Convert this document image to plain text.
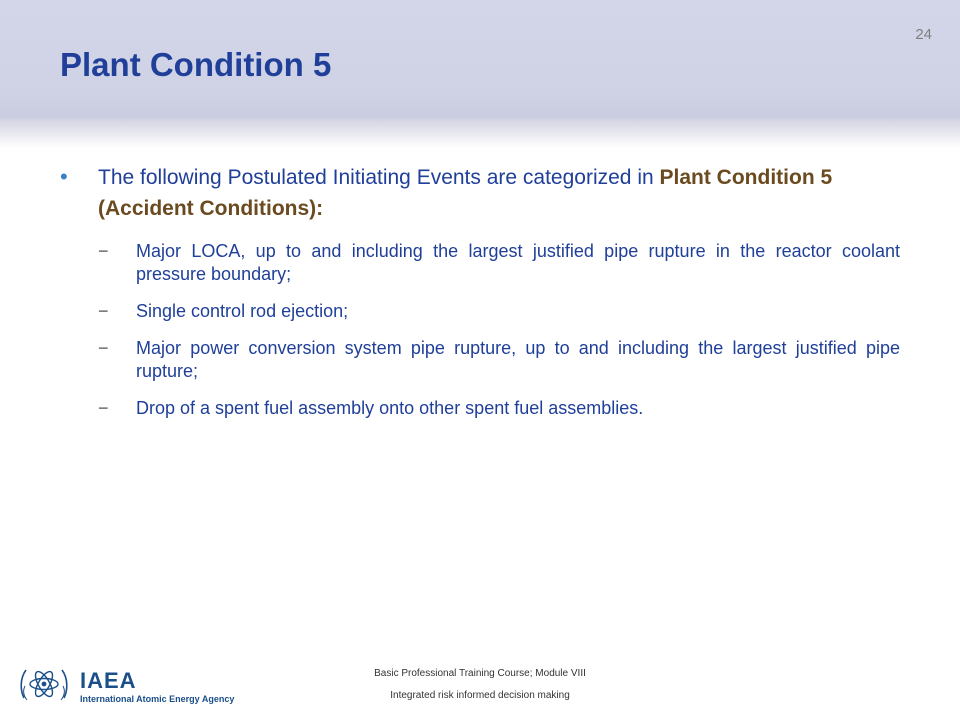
24
Plant Condition 5
•	The following Postulated Initiating Events are categorized in Plant Condition 5 (Accident Conditions):
−	Major LOCA, up to and including the largest justified pipe rupture in the reactor coolant pressure boundary;
−	Single control rod ejection;
−	Major power conversion system pipe rupture, up to and including the largest justified pipe rupture;
−	Drop of a spent fuel assembly onto other spent fuel assemblies.
IAEA
International Atomic Energy Agency
Basic Professional Training Course; Module VIII
Integrated risk informed decision making
